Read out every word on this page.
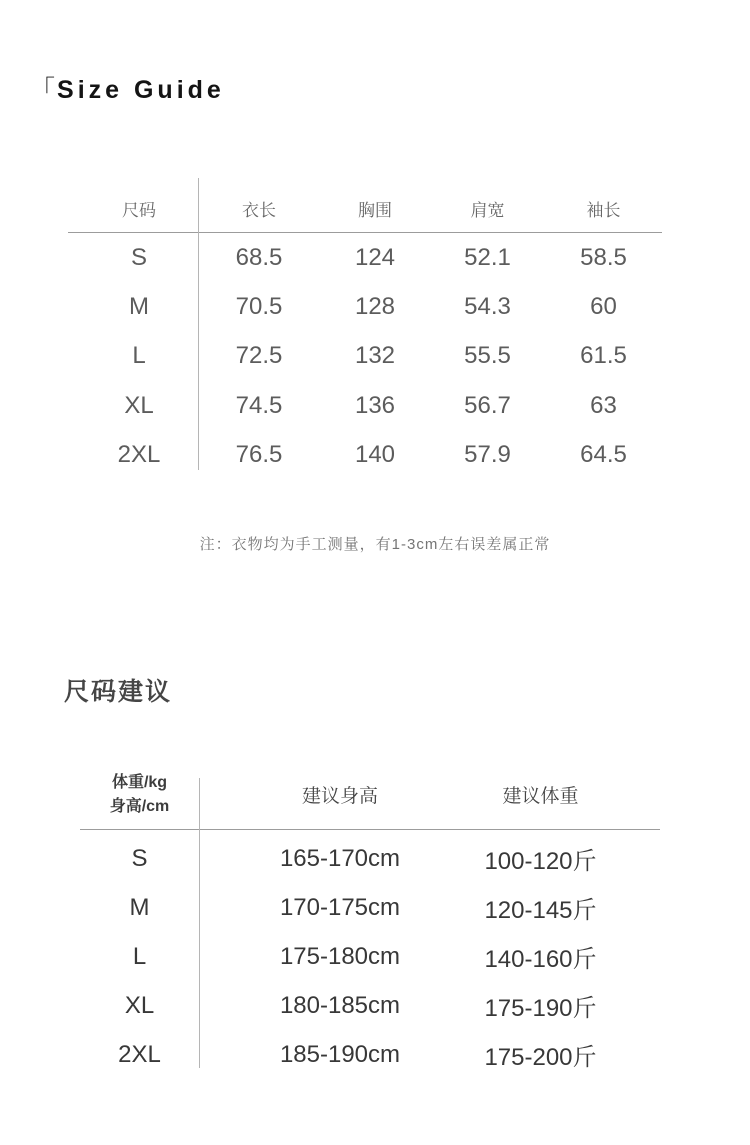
「Size Guide
尺码	衣长	胸围	肩宽	袖长
S	68.5	124	52.1	58.5
M	70.5	128	54.3	60
L	72.5	132	55.5	61.5
XL	74.5	136	56.7	63
2XL	76.5	140	57.9	64.5
注：衣物均为手工测量，有1-3cm左右误差属正常
尺码建议
体重/kg
身高/cm	建议身高	建议体重
S	165-170cm	100-120斤
M	170-175cm	120-145斤
L	175-180cm	140-160斤
XL	180-185cm	175-190斤
2XL	185-190cm	175-200斤
